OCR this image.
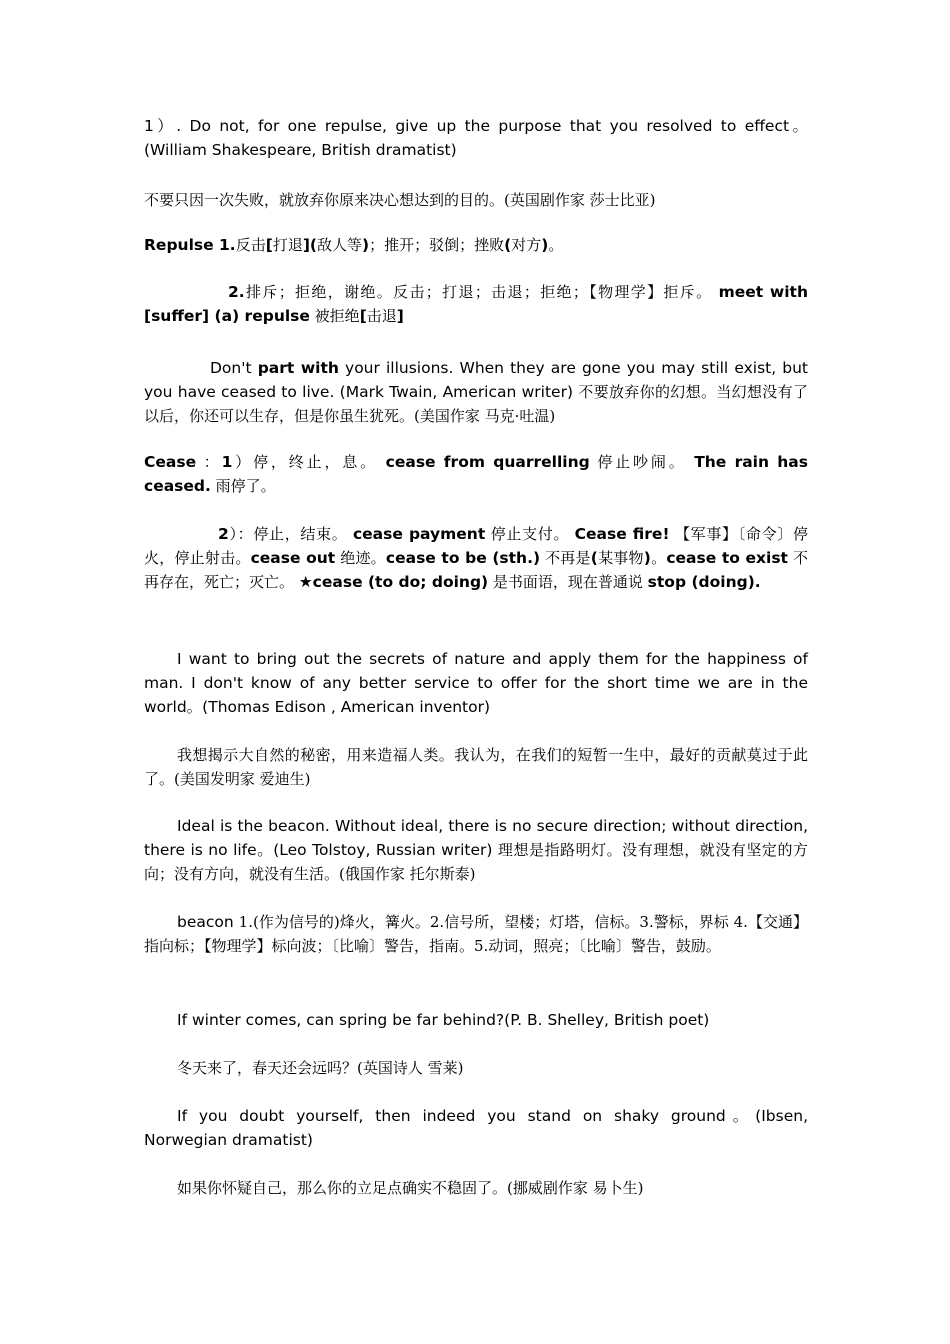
1）. Do not, for one repulse, give up the purpose that you resolved to effect。(William Shakespeare, British dramatist)

不要只因一次失败，就放弃你原来决心想达到的目的。(英国剧作家 莎士比亚)

Repulse 1.反击[打退](敌人等)；推开；驳倒；挫败(对方)。

2.排斥；拒绝，谢绝。反击；打退；击退；拒绝；【物理学】拒斥。 meet with [suffer] (a) repulse 被拒绝[击退]

Don't part with your illusions. When they are gone you may still exist, but you have ceased to live. (Mark Twain, American writer) 不要放弃你的幻想。当幻想没有了以后，你还可以生存，但是你虽生犹死。(美国作家 马克·吐温)

Cease ：1）停，终止，息。 cease from quarrelling 停止吵闹。 The rain has ceased. 雨停了。

2）：停止，结束。 cease payment 停止支付。 Cease fire! 【军事】〔命令〕停火，停止射击。cease out 绝迹。cease to be (sth.) 不再是(某事物)。cease to exist 不再存在，死亡；灭亡。 ★cease (to do; doing) 是书面语，现在普通说 stop (doing).

I want to bring out the secrets of nature and apply them for the happiness of man. I don't know of any better service to offer for the short time we are in the world。(Thomas Edison , American inventor)

我想揭示大自然的秘密，用来造福人类。我认为，在我们的短暂一生中，最好的贡献莫过于此了。(美国发明家 爱迪生)

Ideal is the beacon. Without ideal, there is no secure direction; without direction, there is no life。(Leo Tolstoy, Russian writer) 理想是指路明灯。没有理想，就没有坚定的方向；没有方向，就没有生活。(俄国作家 托尔斯泰)

beacon 1.(作为信号的)烽火，篝火。2.信号所，望楼；灯塔，信标。3.警标，界标 4.【交通】指向标；【物理学】标向波；〔比喻〕警告，指南。5.动词，照亮；〔比喻〕警告，鼓励。

If winter comes, can spring be far behind?(P. B. Shelley, British poet)

冬天来了，春天还会远吗？(英国诗人 雪莱)

If you doubt yourself, then indeed you stand on shaky ground。(Ibsen, Norwegian dramatist)

如果你怀疑自己，那么你的立足点确实不稳固了。(挪威剧作家 易卜生)
